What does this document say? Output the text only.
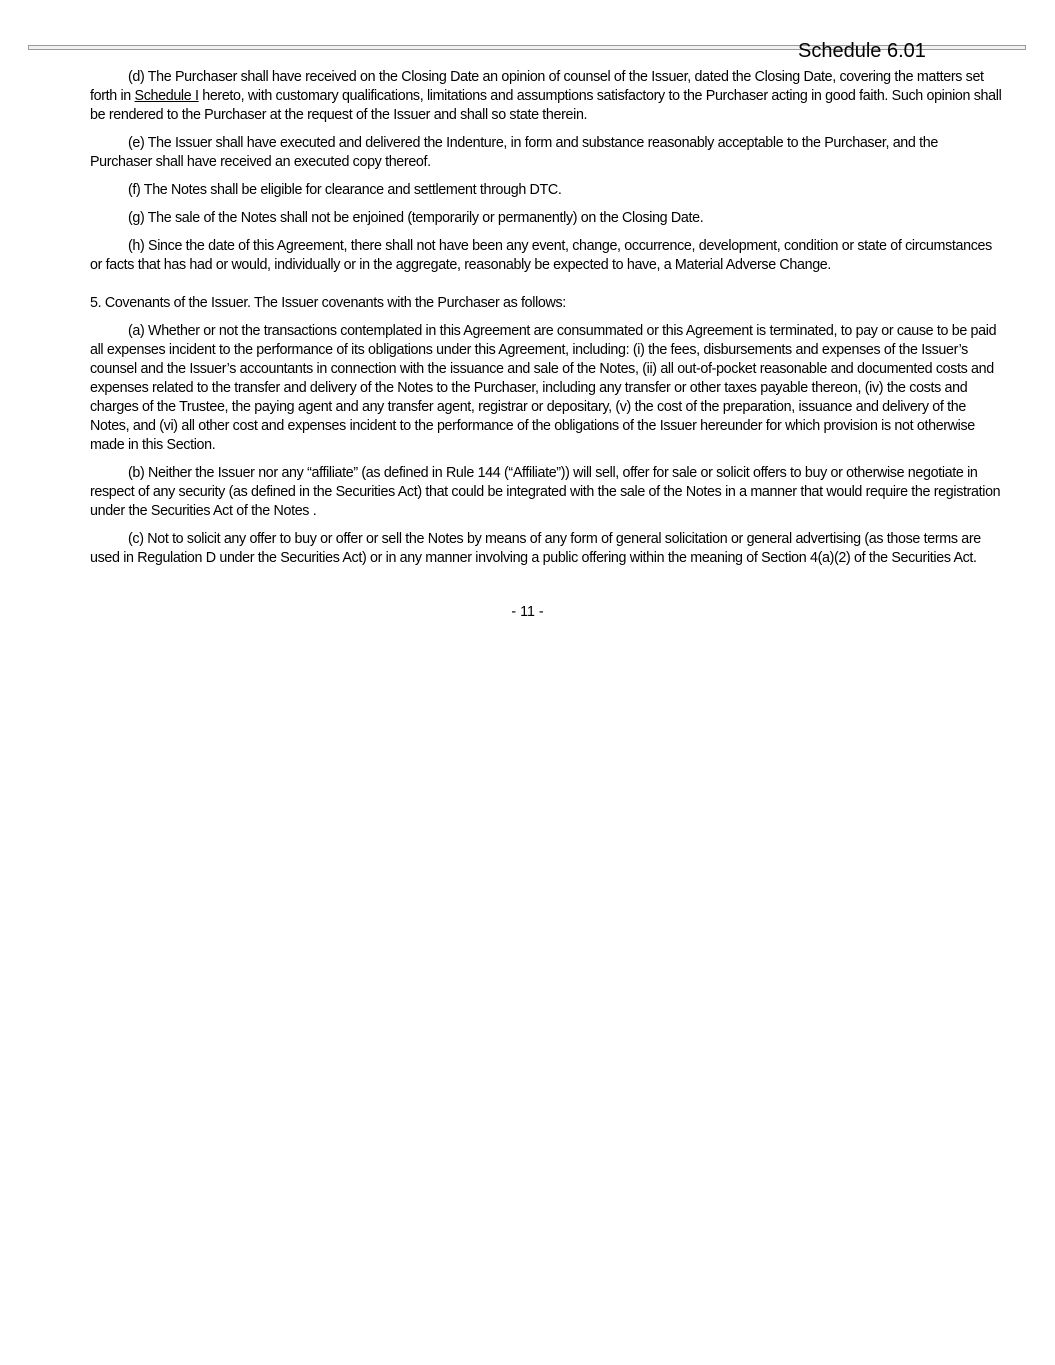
Schedule 6.01

(d) The Purchaser shall have received on the Closing Date an opinion of counsel of the Issuer, dated the Closing Date, covering the matters set forth in Schedule I hereto, with customary qualifications, limitations and assumptions satisfactory to the Purchaser acting in good faith. Such opinion shall be rendered to the Purchaser at the request of the Issuer and shall so state therein.

(e) The Issuer shall have executed and delivered the Indenture, in form and substance reasonably acceptable to the Purchaser, and the Purchaser shall have received an executed copy thereof.

(f) The Notes shall be eligible for clearance and settlement through DTC.

(g) The sale of the Notes shall not be enjoined (temporarily or permanently) on the Closing Date.

(h) Since the date of this Agreement, there shall not have been any event, change, occurrence, development, condition or state of circumstances or facts that has had or would, individually or in the aggregate, reasonably be expected to have, a Material Adverse Change.

5. Covenants of the Issuer. The Issuer covenants with the Purchaser as follows:

(a) Whether or not the transactions contemplated in this Agreement are consummated or this Agreement is terminated, to pay or cause to be paid all expenses incident to the performance of its obligations under this Agreement, including: (i) the fees, disbursements and expenses of the Issuer’s counsel and the Issuer’s accountants in connection with the issuance and sale of the Notes, (ii) all out-of-pocket reasonable and documented costs and expenses related to the transfer and delivery of the Notes to the Purchaser, including any transfer or other taxes payable thereon, (iv) the costs and charges of the Trustee, the paying agent and any transfer agent, registrar or depositary, (v) the cost of the preparation, issuance and delivery of the Notes, and (vi) all other cost and expenses incident to the performance of the obligations of the Issuer hereunder for which provision is not otherwise made in this Section.

(b) Neither the Issuer nor any “affiliate” (as defined in Rule 144 (“Affiliate”)) will sell, offer for sale or solicit offers to buy or otherwise negotiate in respect of any security (as defined in the Securities Act) that could be integrated with the sale of the Notes in a manner that would require the registration under the Securities Act of the Notes .

(c) Not to solicit any offer to buy or offer or sell the Notes by means of any form of general solicitation or general advertising (as those terms are used in Regulation D under the Securities Act) or in any manner involving a public offering within the meaning of Section 4(a)(2) of the Securities Act.

- 11 -
